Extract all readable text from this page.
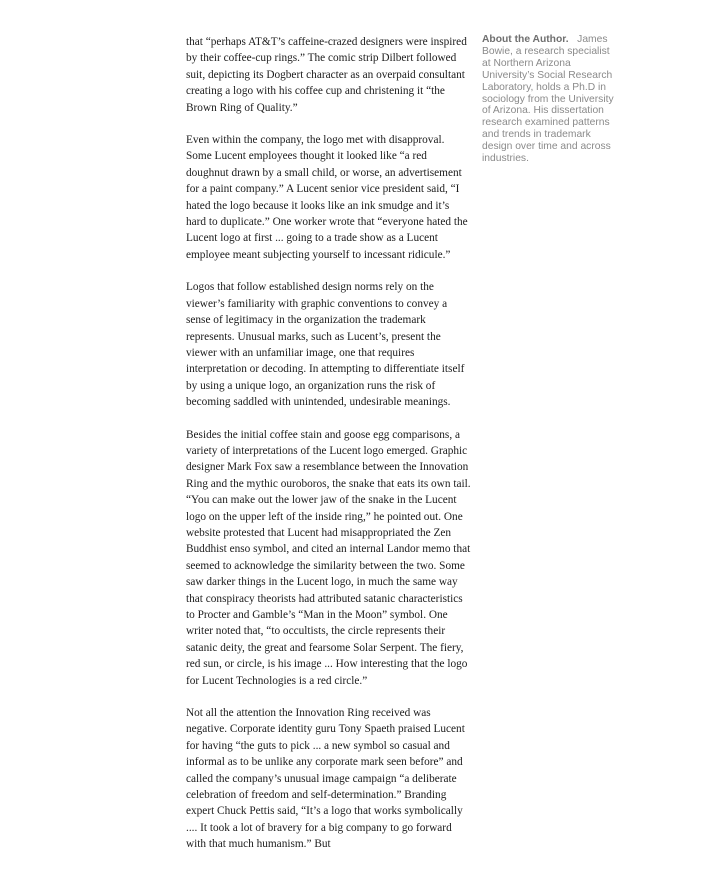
that “perhaps AT&T’s caffeine-crazed designers were inspired by their coffee-cup rings.” The comic strip Dilbert followed suit, depicting its Dogbert character as an overpaid consultant creating a logo with his coffee cup and christening it “the Brown Ring of Quality.”

Even within the company, the logo met with disapproval. Some Lucent employees thought it looked like “a red doughnut drawn by a small child, or worse, an advertisement for a paint company.” A Lucent senior vice president said, “I hated the logo because it looks like an ink smudge and it’s hard to duplicate.” One worker wrote that “everyone hated the Lucent logo at first ... going to a trade show as a Lucent employee meant subjecting yourself to incessant ridicule.”

Logos that follow established design norms rely on the viewer’s familiarity with graphic conventions to convey a sense of legitimacy in the organization the trademark represents. Unusual marks, such as Lucent’s, present the viewer with an unfamiliar image, one that requires interpretation or decoding. In attempting to differentiate itself by using a unique logo, an organization runs the risk of becoming saddled with unintended, undesirable meanings.

Besides the initial coffee stain and goose egg comparisons, a variety of interpretations of the Lucent logo emerged. Graphic designer Mark Fox saw a resemblance between the Innovation Ring and the mythic ouroboros, the snake that eats its own tail. “You can make out the lower jaw of the snake in the Lucent logo on the upper left of the inside ring,” he pointed out. One website protested that Lucent had misappropriated the Zen Buddhist enso symbol, and cited an internal Landor memo that seemed to acknowledge the similarity between the two. Some saw darker things in the Lucent logo, in much the same way that conspiracy theorists had attributed satanic characteristics to Procter and Gamble’s “Man in the Moon” symbol. One writer noted that, “to occultists, the circle represents their satanic deity, the great and fearsome Solar Serpent. The fiery, red sun, or circle, is his image ... How interesting that the logo for Lucent Technologies is a red circle.”

Not all the attention the Innovation Ring received was negative. Corporate identity guru Tony Spaeth praised Lucent for having “the guts to pick ... a new symbol so casual and informal as to be unlike any corporate mark seen before” and called the company’s unusual image campaign “a deliberate celebration of freedom and self-determination.” Branding expert Chuck Pettis said, “It’s a logo that works symbolically .... It took a lot of bravery for a big company to go forward with that much humanism.” But

About the Author. James Bowie, a research specialist at Northern Arizona University’s Social Research Laboratory, holds a Ph.D in sociology from the University of Arizona. His dissertation research examined patterns and trends in trademark design over time and across industries.
